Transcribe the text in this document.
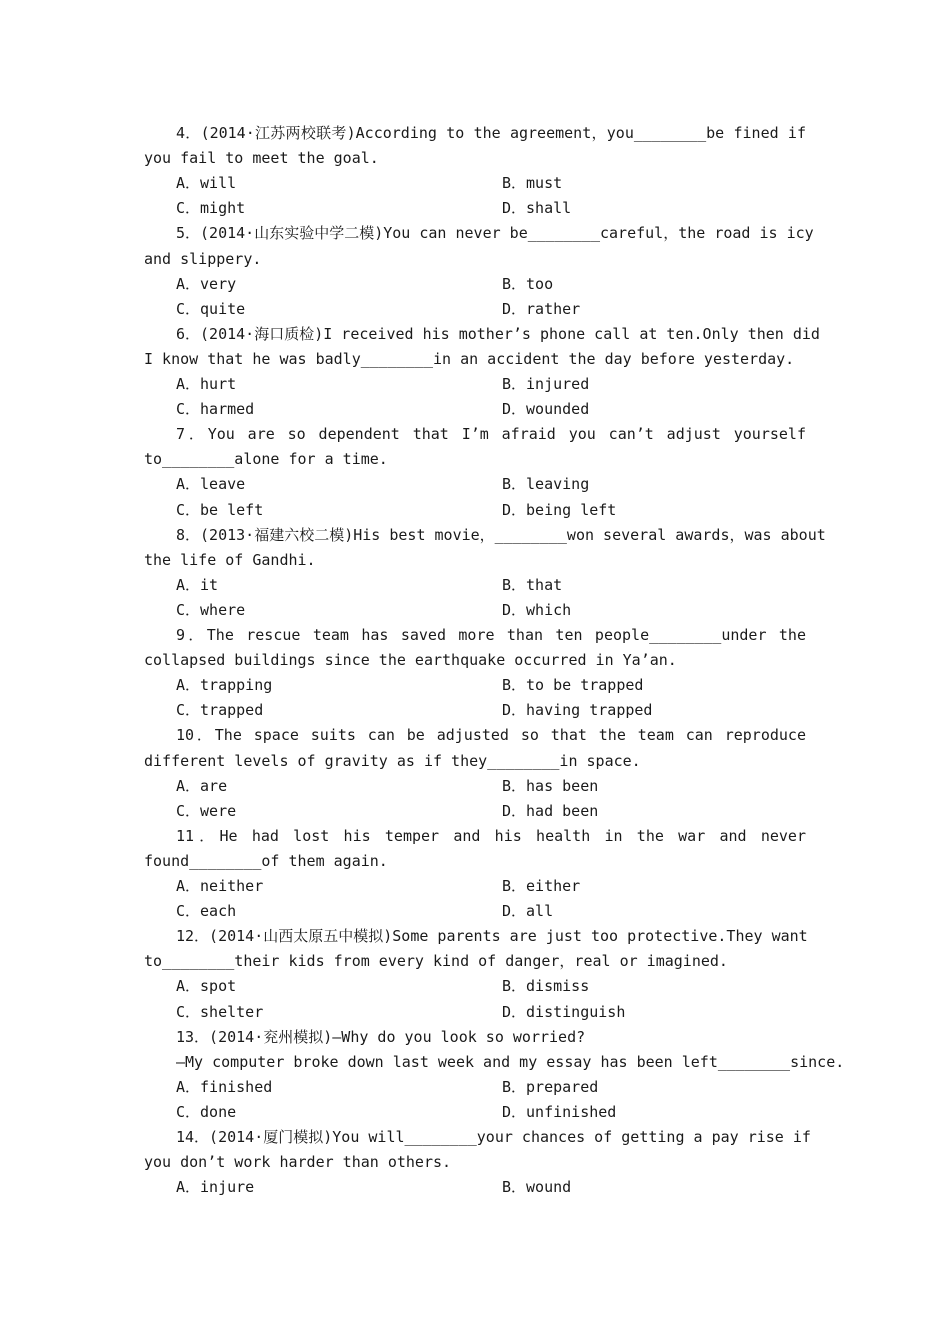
4．(2014·江苏两校联考)According to the agreement，you________be fined if
you fail to meet the goal.
A．will	B．must
C．might	D．shall
5．(2014·山东实验中学二模)You can never be________careful，the road is icy
and slippery.
A．very	B．too
C．quite	D．rather
6．(2014·海口质检)I received his mother’s phone call at ten.Only then did
I know that he was badly________in an accident the day before yesterday.
A．hurt	B．injured
C．harmed	D．wounded
7．You are so dependent that I’m afraid you can’t adjust yourself
to________alone for a time.
A．leave	B．leaving
C．be left	D．being left
8．(2013·福建六校二模)His best movie，________won several awards，was about
the life of Gandhi.
A．it	B．that
C．where	D．which
9．The rescue team has saved more than ten people________under the
collapsed buildings since the earthquake occurred in Ya’an.
A．trapping	B．to be trapped
C．trapped	D．having trapped
10．The space suits can be adjusted so that the team can reproduce
different levels of gravity as if they________in space.
A．are	B．has been
C．were	D．had been
11．He had lost his temper and his health in the war and never
found________of them again.
A．neither	B．either
C．each	D．all
12．(2014·山西太原五中模拟)Some parents are just too protective.They want
to________their kids from every kind of danger，real or imagined.
A．spot	B．dismiss
C．shelter	D．distinguish
13．(2014·兖州模拟)—Why do you look so worried?
—My computer broke down last week and my essay has been left________since.
A．finished	B．prepared
C．done	D．unfinished
14．(2014·厦门模拟)You will________your chances of getting a pay rise if
you don’t work harder than others.
A．injure	B．wound
